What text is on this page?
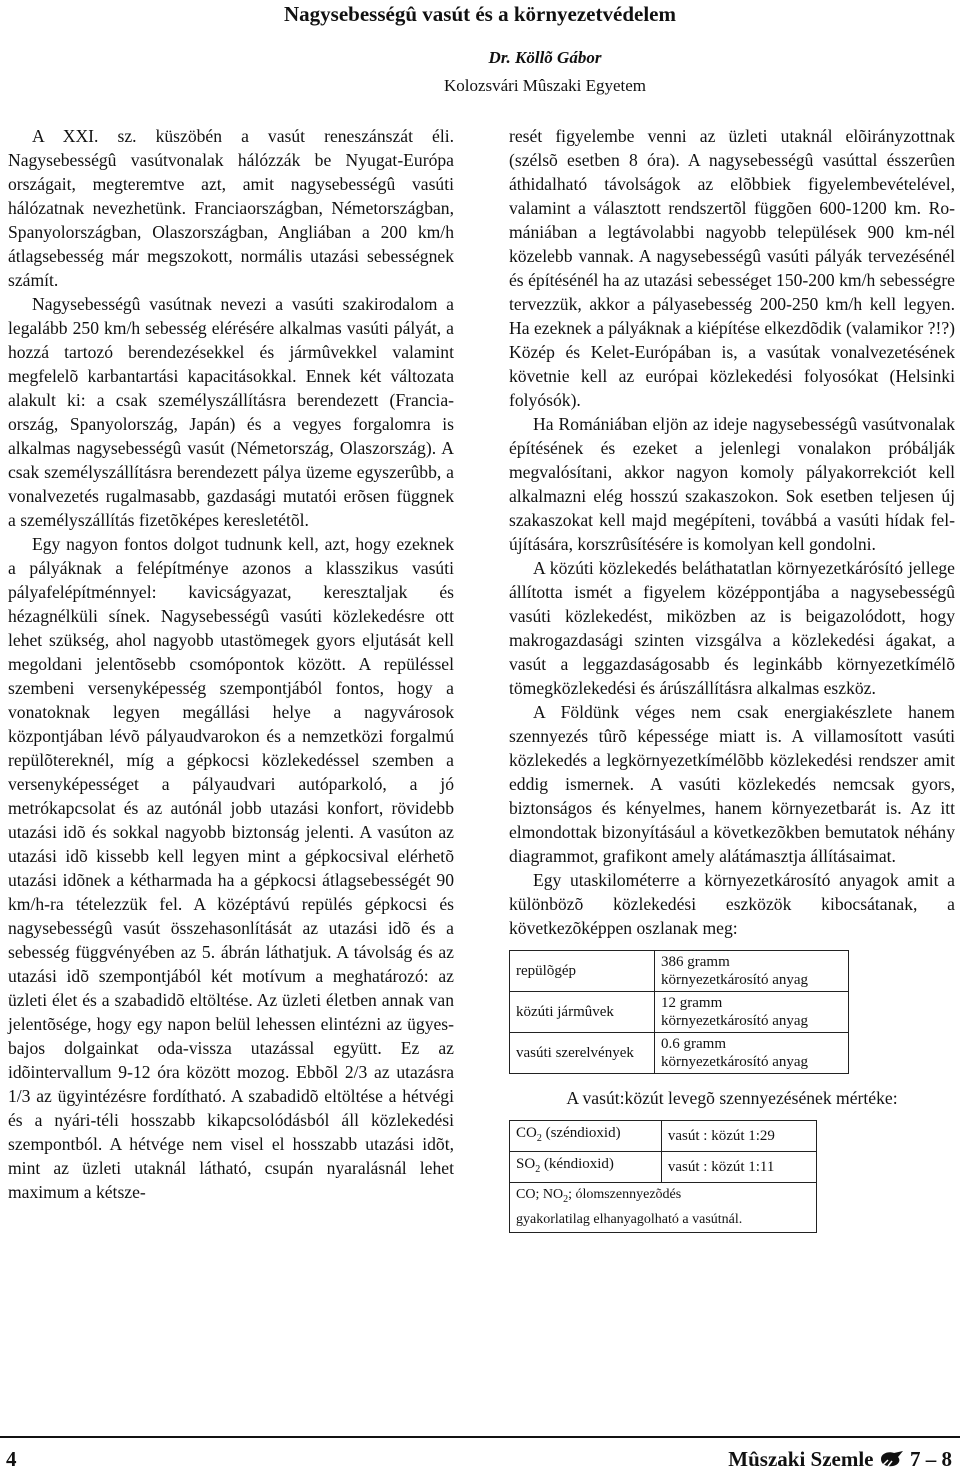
Nagysebességû vasút és a környezetvédelem
Dr. Köllõ Gábor
Kolozsvári Mûszaki Egyetem

A XXI. sz. küszöbén a vasút reneszánszát éli. Nagysebességû vasútvonalak hálózzák be Nyugat-Európa országait, megteremtve azt, amit nagysebességû vasúti hálózatnak nevezhetünk. Franciaországban, Németországban, Spanyolországban, Olaszországban, Angliában a 200 km/h átlagsebesség már megszokott, normális utazási sebességnek számít.

Nagysebességû vasútnak nevezi a vasúti szakirodalom a legalább 250 km/h sebesség elérésére alkalmas vasúti pályát, a hozzá tartozó berendezésekkel és jármûvekkel valamint megfelelõ karbantartási kapacitásokkal. Ennek két változata alakult ki: a csak személyszállításra berendezett (Franciaország, Spanyolország, Japán) és a vegyes forgalomra is alkalmas nagysebességû vasút (Németország, Olaszország). A csak személyszállításra berendezett pálya üzeme egyszerûbb, a vonalvezetés rugalmasabb, gazdasági mutatói erõsen függnek a személyszállítás fizetõképes keresletétõl.

Egy nagyon fontos dolgot tudnunk kell, azt, hogy ezeknek a pályáknak a felépítménye azonos a klasszikus vasúti pályafelépítménnyel: kavicságyazat, keresztaljak és hézagnélküli sínek. Nagysebességû vasúti közlekedésre ott lehet szükség, ahol nagyobb utastömegek gyors eljutását kell megoldani jelentõsebb csomópontok között. A repüléssel szembeni versenyképesség szempontjából fontos, hogy a vonatoknak legyen megállási helye a nagyvárosok központjában lévõ pályaudvarokon és a nemzetközi forgalmú repülõtereknél, míg a gépkocsi közlekedéssel szemben a versenyképességet a pályaudvari autóparkoló, a jó metrókapcsolat és az autónál jobb utazási konfort, rövidebb utazási idõ és sokkal nagyobb biztonság jelenti. A vasúton az utazási idõ kissebb kell legyen mint a gépkocsival elérhetõ utazási idõnek a kétharmada ha a gépkocsi átlagsebességét 90 km/h-ra tételezzük fel. A középtávú repülés gépkocsi és nagysebességû vasút összehasonlítását az utazási idõ és a sebesség függvényében az 5. ábrán láthatjuk. A távolság és az utazási idõ szempontjából két motívum a meghatározó: az üzleti élet és a szabadidõ eltöltése. Az üzleti életben annak van jelentõsége, hogy egy napon belül lehessen elintézni az ügyes-bajos dolgainkat oda-vissza utazással együtt. Ez az idõintervallum 9-12 óra között mozog. Ebbõl 2/3 az utazásra 1/3 az ügyintézésre fordítható. A szabadidõ eltöltése a hétvégi és a nyári-téli hosszabb kikapcsolódásból áll közlekedési szempontból. A hétvége nem visel el hosszabb utazási idõt, mint az üzleti utaknál látható, csupán nyaralásnál lehet maximum a kétsze-

resét figyelembe venni az üzleti utaknál elõirányzottnak (szélsõ esetben 8 óra). A nagysebességû vasúttal ésszerûen áthidalható távolságok az elõbbiek figyelembevételével, valamint a választott rendszertõl függõen 600-1200 km. Romániában a legtávolabbi nagyobb települések 900 km-nél közelebb vannak. A nagysebességû vasúti pályák tervezésénél és építésénél ha az utazási sebességet 150-200 km/h sebességre tervezzük, akkor a pályasebesség 200-250 km/h kell legyen. Ha ezeknek a pályáknak a kiépítése elkezdõdik (valamikor ?!?) Közép és Kelet-Európában is, a vasútak vonalvezetésének követnie kell az európai közlekedési folyosókat (Helsinki folyósók).

Ha Romániában eljön az ideje nagysebességû vasútvonalak építésének és ezeket a jelenlegi vonalakon próbálják megvalósítani, akkor nagyon komoly pályakorrekciót kell alkalmazni elég hosszú szakaszokon. Sok esetben teljesen új szakaszokat kell majd megépíteni, továbbá a vasúti hídak felújítására, korszrûsítésére is komolyan kell gondolni.

A közúti közlekedés beláthatatlan környezetkárósító jellege állította ismét a figyelem középpontjába a nagysebességû vasúti közlekedést, miközben az is beigazolódott, hogy makrogazdasági szinten vizsgálva a közlekedési ágakat, a vasút a leggazdaságosabb és leginkább környezetkímélõ tömegközlekedési és árúszállításra alkalmas eszköz.

A Földünk véges nem csak energiakészlete hanem szennyezés tûrõ képessége miatt is. A villamosított vasúti közlekedés a legkörnyezetkímélõbb közlekedési rendszer amit eddig ismernek. A vasúti közlekedés nemcsak gyors, biztonságos és kényelmes, hanem környezetbarát is. Az itt elmondottak bizonyításául a következõkben bemutatok néhány diagrammot, grafikont amely alátámasztja állításaimat.

Egy utaskilométerre a környezetkárosító anyagok amit a különbözõ közlekedési eszközök kibocsátanak, a következõképpen oszlanak meg:

repülõgép	386 gramm
környezetkárosító anyag
közúti jármûvek	12 gramm
környezetkárosító anyag
vasúti szerelvények	0.6 gramm
környezetkárosító anyag
A vasút:közút levegõ szennyezésének mértéke:
$CO_2$ (széndioxid)	vasút : közút 1:29
$SO_2$ (kéndioxid)	vasút : közút 1:11
CO; $NO_2$; ólomszennyezõdés
gyakorlatilag elhanyagolható a vasútnál.	
4	Mûszaki Szemle 7 – 8
